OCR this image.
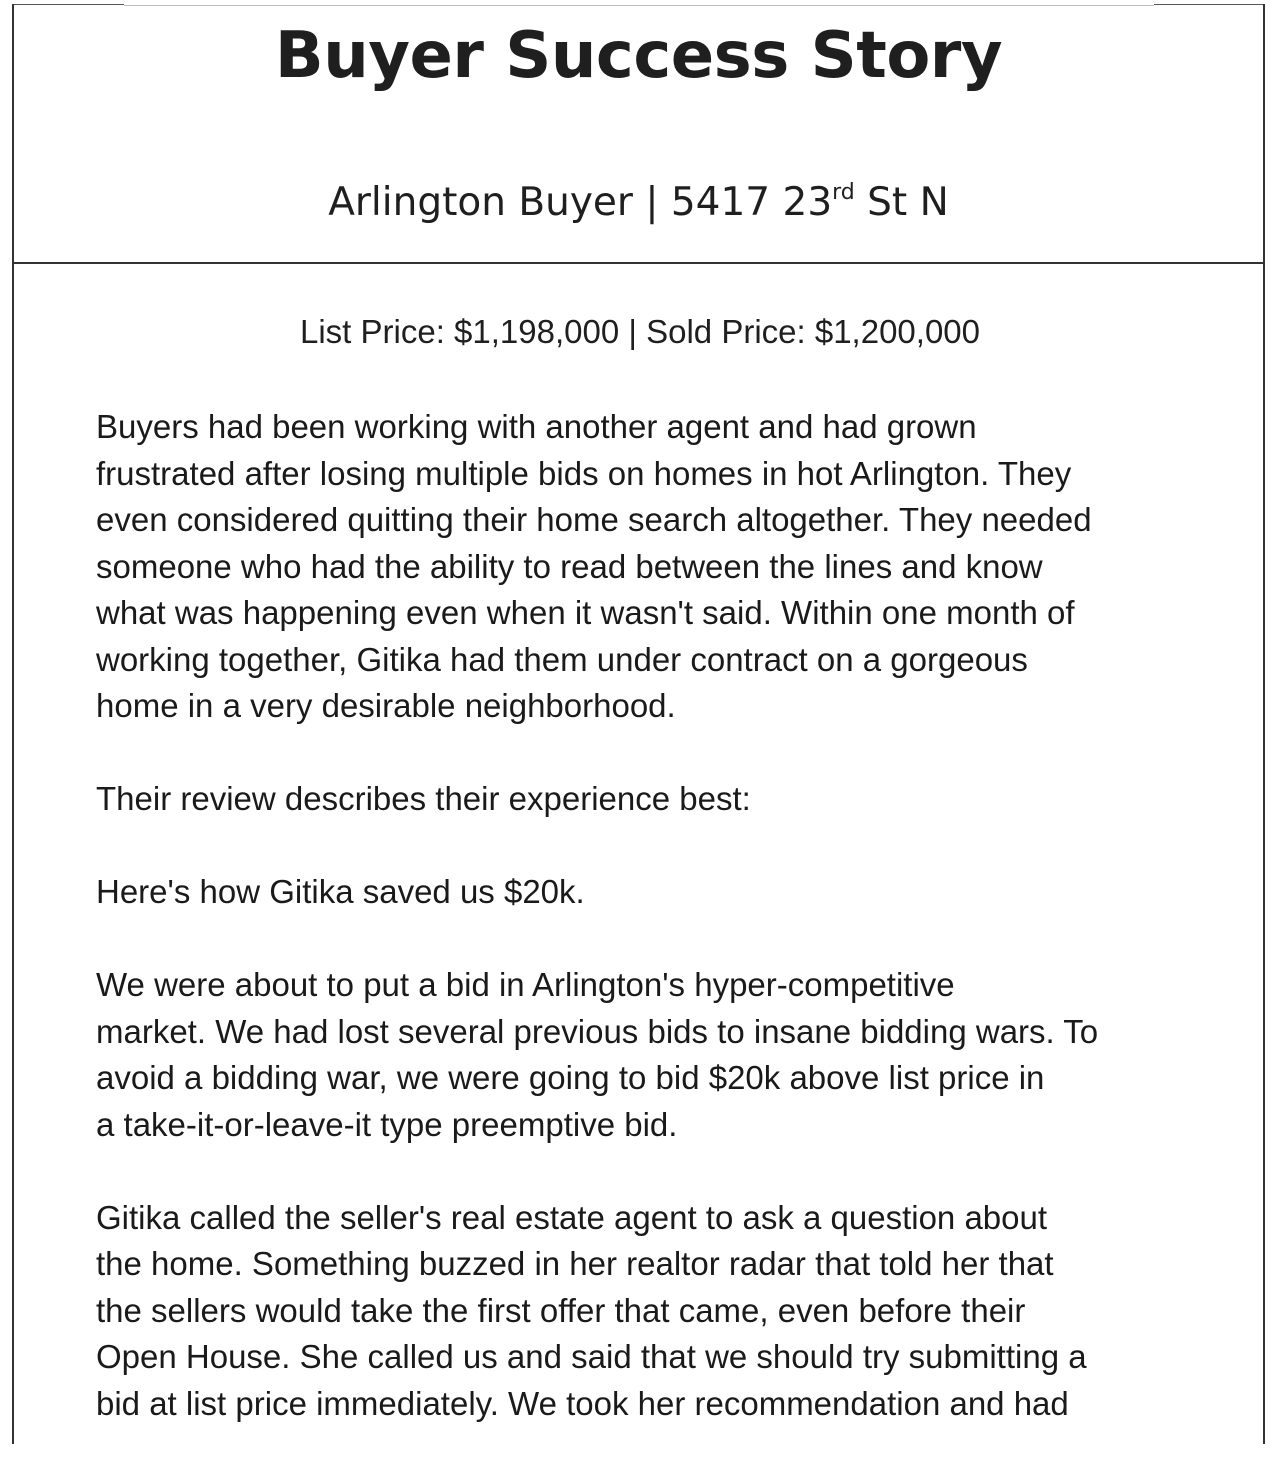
Buyer Success Story
Arlington Buyer | 5417 23rd St N
List Price: $1,198,000 | Sold Price: $1,200,000

Buyers had been working with another agent and had grown
frustrated after losing multiple bids on homes in hot Arlington. They
even considered quitting their home search altogether. They needed
someone who had the ability to read between the lines and know
what was happening even when it wasn't said. Within one month of
working together, Gitika had them under contract on a gorgeous
home in a very desirable neighborhood.

Their review describes their experience best:

Here's how Gitika saved us $20k.

We were about to put a bid in Arlington's hyper-competitive
market. We had lost several previous bids to insane bidding wars. To
avoid a bidding war, we were going to bid $20k above list price in
a take-it-or-leave-it type preemptive bid.

Gitika called the seller's real estate agent to ask a question about
the home. Something buzzed in her realtor radar that told her that
the sellers would take the first offer that came, even before their
Open House. She called us and said that we should try submitting a
bid at list price immediately. We took her recommendation and had
